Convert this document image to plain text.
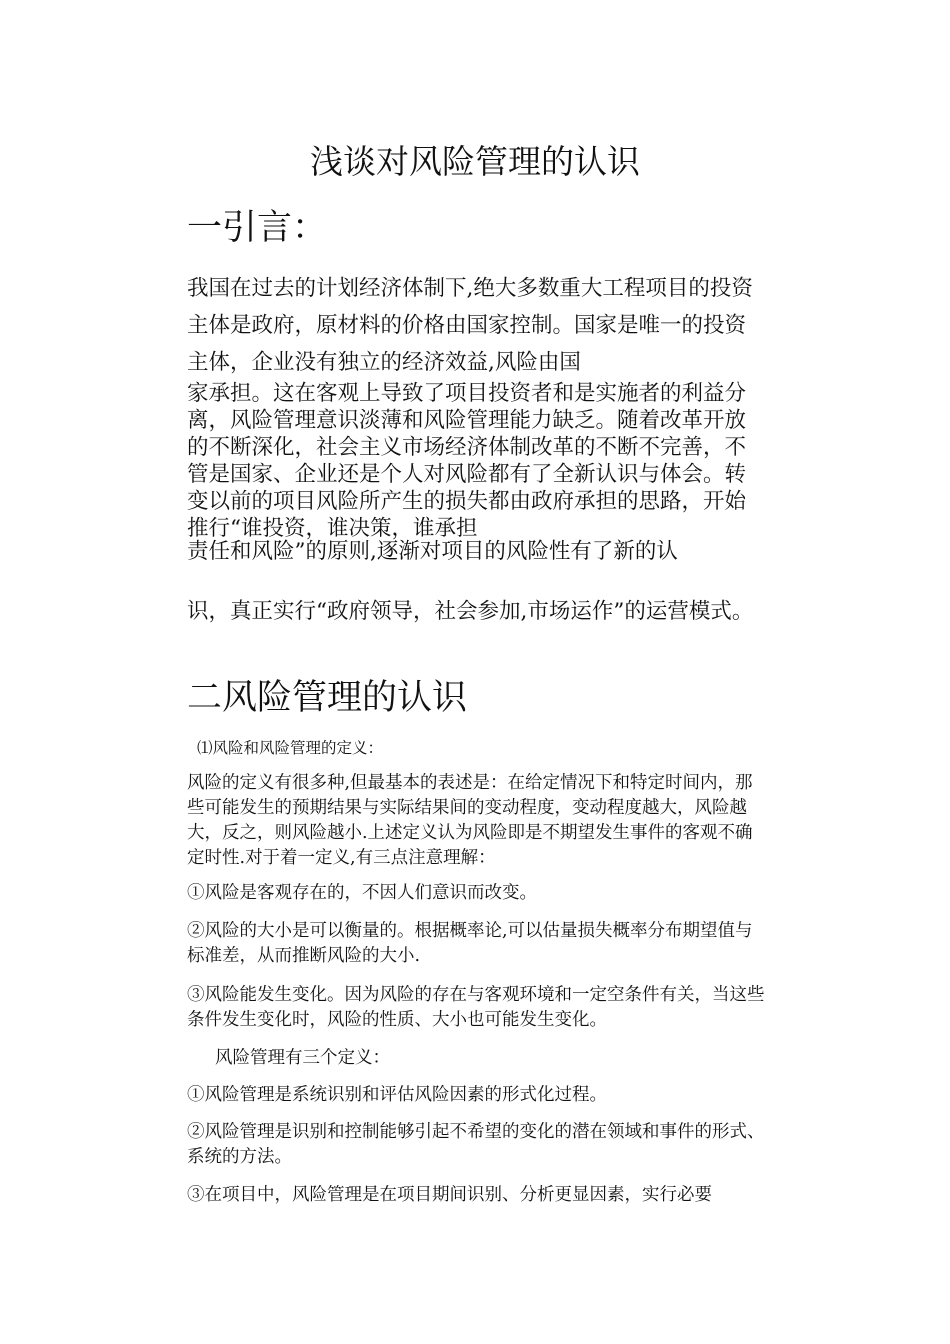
浅谈对风险管理的认识
一引言：

我国在过去的计划经济体制下,绝大多数重大工程项目的投资主体是政府，原材料的价格由国家控制。国家是唯一的投资主体，企业没有独立的经济效益,风险由国

家承担。这在客观上导致了项目投资者和是实施者的利益分离，风险管理意识淡薄和风险管理能力缺乏。随着改革开放的不断深化，社会主义市场经济体制改革的不断不完善，不管是国家、企业还是个人对风险都有了全新认识与体会。转变以前的项目风险所产生的损失都由政府承担的思路，开始推行“谁投资，谁决策，谁承担

责任和风险”的原则,逐渐对项目的风险性有了新的认

识，真正实行“政府领导，社会参加,市场运作”的运营模式。

二风险管理的认识

⑴风险和风险管理的定义：

风险的定义有很多种,但最基本的表述是：在给定情况下和特定时间内，那些可能发生的预期结果与实际结果间的变动程度，变动程度越大，风险越大，反之，则风险越小.上述定义认为风险即是不期望发生事件的客观不确定时性.对于着一定义,有三点注意理解：

①风险是客观存在的，不因人们意识而改变。

②风险的大小是可以衡量的。根据概率论,可以估量损失概率分布期望值与标准差，从而推断风险的大小.

③风险能发生变化。因为风险的存在与客观环境和一定空条件有关，当这些条件发生变化时，风险的性质、大小也可能发生变化。

风险管理有三个定义：

①风险管理是系统识别和评估风险因素的形式化过程。

②风险管理是识别和控制能够引起不希望的变化的潜在领域和事件的形式、系统的方法。

③在项目中，风险管理是在项目期间识别、分析更显因素，实行必要
